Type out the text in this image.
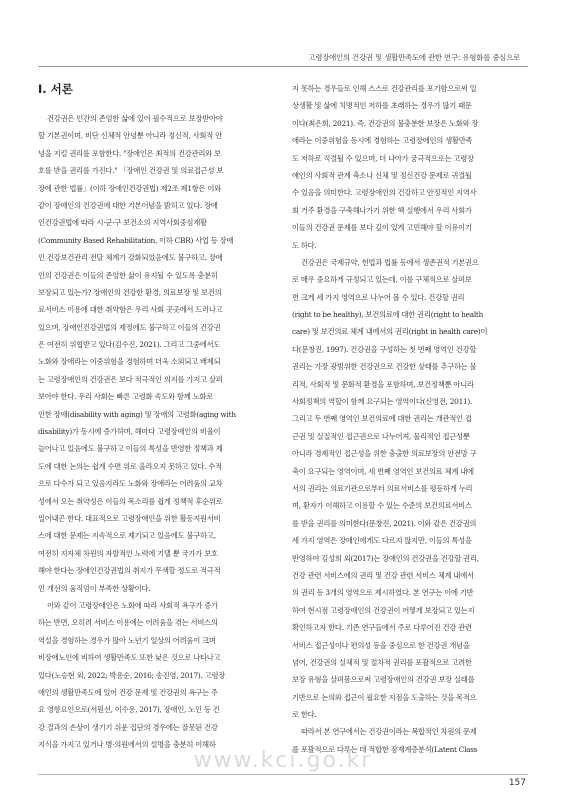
고령장애인의 건강권 및 생활만족도에 관한 연구: 유형화를 중심으로
Ⅰ. 서론
건강권은 인간의 존엄한 삶에 있어 필수적으로 보장받아야
할 기본권이며, 비단 신체적 안녕뿐 아니라 정신적, 사회적 안
녕을 지킬 권리를 포함한다. "장애인은 최적의 건강관리와 보
호를 받을 권리를 가진다." 「장애인 건강권 및 의료접근성 보
장에 관한 법률」(이하 장애인건강권법) 제2조 제1항은 이와
같이 장애인의 건강권에 대한 기본이념을 밝히고 있다. 장애
인건강권법에 따라 시·군·구 보건소의 지역사회중심재활
(Community Based Rehabilitation, 이하 CBR) 사업 등 장애
인 건강보건관리 전달 체계가 강화되었음에도 불구하고, 장애
인의 건강권은 이들의 존엄한 삶이 유지될 수 있도록 충분히
보장되고 있는가? 장애인의 건강한 환경, 의료보장 및 보건의
료서비스 이용에 대한 취약함은 우리 사회 곳곳에서 드러나고
있으며, 장애인건강권법의 제정에도 불구하고 이들의 건강권
은 여전히 위협받고 있다(김수진, 2021). 그리고 그중에서도
노화와 장애라는 이중위험을 경험하며 더욱 소외되고 배제되
는 고령장애인의 건강권은 보다 적극적인 의지를 가지고 살펴
보아야 한다. 우리 사회는 빠른 고령화 속도와 함께 노화로
인한 장애(disability with aging) 및 장애의 고령화(aging with
disability)가 동시에 증가하며, 해마다 고령장애인의 비율이
늘어나고 있음에도 불구하고 이들의 특성을 반영한 정책과 제
도에 대한 논의는 쉽게 수면 위로 올라오지 못하고 있다. 수적
으로 다수가 되고 있음지라도 노화와 장애라는 어려움의 교차
성에서 오는 취약성은 이들의 목소리를 쉽게 정책적 후순위로
밀어내곤 한다. 대표적으로 고령장애인을 위한 활동지원서비
스에 대한 문제는 지속적으로 제기되고 있음에도 불구하고,
여전히 지자체 차원의 자발적인 노력에 기댈 뿐 국가가 보호
해야 한다는 장애인건강권법의 취지가 무색할 정도로 적극적
인 개선의 움직임이 부족한 상황이다.
이와 같이 고령장애인은 노화에 따라 사회적 욕구가 증가
하는 반면, 오히려 서비스 이용에는 어려움을 겪는 서비스의
역설을 경험하는 경우가 많아 노년기 일상의 어려움이 크며
비장애노인에 비하여 생활만족도 또한 낮은 것으로 나타나고
있다(노승현 외, 2022; 박용순, 2016; 송진영, 2017). 고령장
애인의 생활만족도에 있어 건강 문제 및 건강권의 욕구는 주
요 영향요인으로(서원선, 이수용, 2017), 장애인, 노인 등 건
강 결과의 손상이 생기기 쉬운 집단의 경우에는 잘못된 건강
지식을 가지고 있거나 병·의원에서의 설명을 충분히 이해하
지 못하는 경우들로 인해 스스로 건강관리를 포기함으로써 일
상생활 및 삶에 치명적인 저하를 초래하는 경우가 많기 때문
이다(최은희, 2021). 즉, 건강권의 불충분한 보장은 노화와 장
애라는 이중위험을 동시에 경험하는 고령장애인의 생활만족
도 저하로 직결될 수 있으며, 더 나아가 궁극적으로는 고령장
애인의 사회적 관계 축소나 신체 및 정신건강 문제로 귀결될
수 있음을 의미한다. 고령장애인의 건강하고 안정적인 지역사
회 거주 환경을 구축해나가기 위한 핵 실행에서 우리 사회가
이들의 건강권 문제를 보다 깊이 있게 고민해야 할 이유이기
도 하다.
건강권은 국제규약, 헌법과 법률 등에서 생존권적 기본권으
로 매우 중요하게 규정되고 있는데, 이를 구체적으로 살펴보
면 크게 세 가지 영역으로 나누어 볼 수 있다. 건강할 권리
(right to be healthy), 보건의료에 대한 권리(right to health
care) 및 보건의료 체계 내에서의 권리(right in health care)이
다(문창진, 1997). 건강권을 구성하는 첫 번째 영역인 건강할
권리는 가장 광범위한 건강권으로 건강한 상태를 추구하는 물
리적, 사회적 및 문화적 환경을 포함하며, 보건정책뿐 아니라
사회정책의 역할이 함께 요구되는 영역이다(신영전, 2011).
그리고 두 번째 영역인 보건의료에 대한 권리는 개관적인 접
근권 및 실질적인 접근권으로 나누어져, 물리적인 접근성뿐
아니라 경제적인 접근성을 위한 충출한 의료보장의 안전망 구
축이 요구되는 영역이며, 세 번째 영역인 보건의료 체계 내에
서의 권리는 의료기관으로부터 의료서비스를 평등하게 누리
며, 환자가 이해하고 이용할 수 있는 수준의 보건의료서비스
를 받을 권리를 의미한다(문창진, 2021). 이와 같은 건강권의
세 가지 영역은 장애인에게도 다르지 않지만, 이들의 특성을
반영하여 김성희 외(2017)는 장애인의 건강권을 건강할 권리,
건강 관련 서비스에의 권리 및 건강 관련 서비스 체계 내에서
의 권리 등 3개의 영역으로 제시하였다. 본 연구는 이에 기반
하여 현시점 고령장애인의 건강권이 어떻게 보장되고 있는지
확인하고자 한다. 기존 연구들에서 주로 다루어진 건강 관련
서비스 접근성이나 편의성 등을 중심으로 한 건강권 개념을
넘어, 건강권의 실체적 및 절차적 권리를 포괄적으로 고려한
보장 유형을 살펴봄으로써 고령장애인의 건강권 보장 실태를
기반으로 논의와 접근이 필요한 지점을 도출하는 것을 목적으
로 한다.
따라서 본 연구에서는 건강권이라는 복합적인 차원의 문제
를 포괄적으로 다루는 데 적합한 잠재계층분석(Latent Class
www.kci.go.kr
157
